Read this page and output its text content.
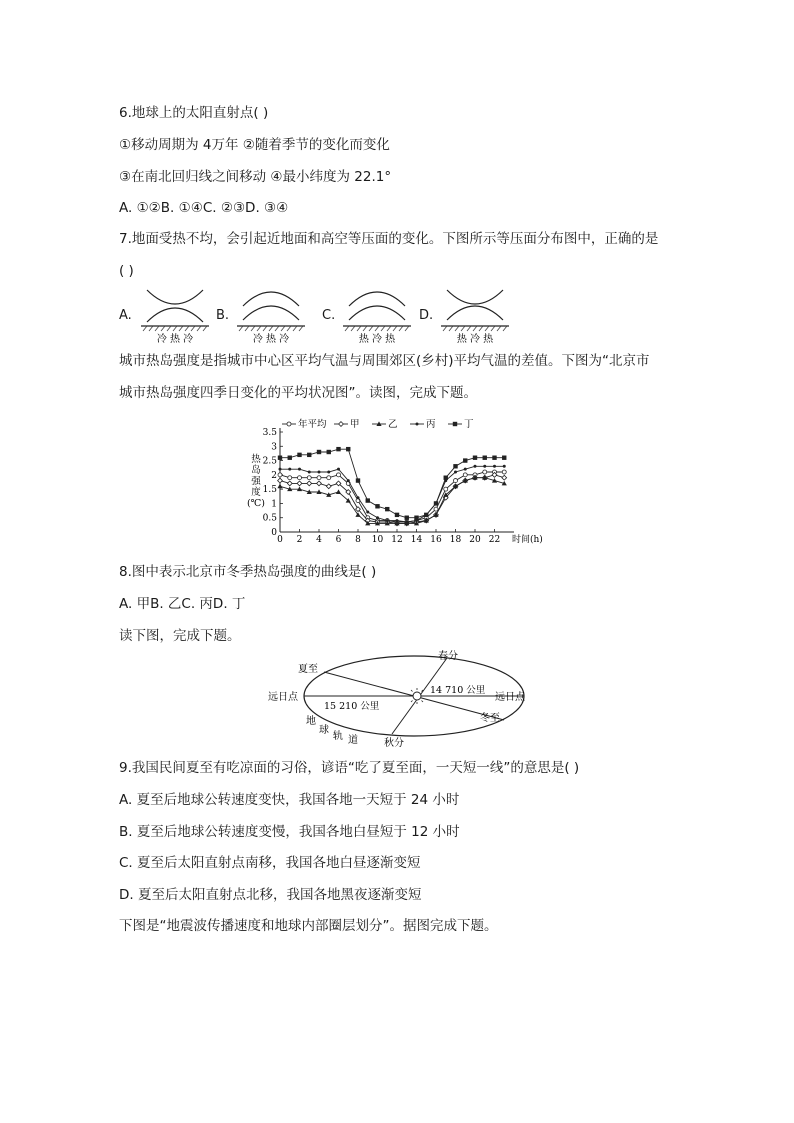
6.地球上的太阳直射点( )
①移动周期为 4万年 ②随着季节的变化而变化
③在南北回归线之间移动 ④最小纬度为 22.1°
A. ①②B. ①④C. ②③D. ③④
7.地面受热不均，会引起近地面和高空等压面的变化。下图所示等压面分布图中，正确的是
( )
A.
冷 热 冷
B.
冷 热 冷
C.
热 冷 热
D.
热 冷 热
城市热岛强度是指城市中心区平均气温与周围郊区(乡村)平均气温的差值。下图为“北京市
城市热岛强度四季日变化的平均状况图”。读图，完成下题。
年平均 甲	乙	丙	丁
0
0.5
1
1.5
2
2.5
3
3.5
0 2 4 6 8 10 12 14 16 18 20 22 时间(h)
热
岛
强
度
(℃)
8.图中表示北京市冬季热岛强度的曲线是( )
A. 甲B. 乙C. 丙D. 丁
读下图，完成下题。
夏至
春分
远日点	远日点
15 210 公里
14 710 公里
冬至
秋分
地
球
轨 道
9.我国民间夏至有吃凉面的习俗，谚语“吃了夏至面，一天短一线”的意思是( )
A. 夏至后地球公转速度变快，我国各地一天短于 24 小时
B. 夏至后地球公转速度变慢，我国各地白昼短于 12 小时
C. 夏至后太阳直射点南移，我国各地白昼逐渐变短
D. 夏至后太阳直射点北移，我国各地黑夜逐渐变短
下图是“地震波传播速度和地球内部圈层划分”。据图完成下题。
